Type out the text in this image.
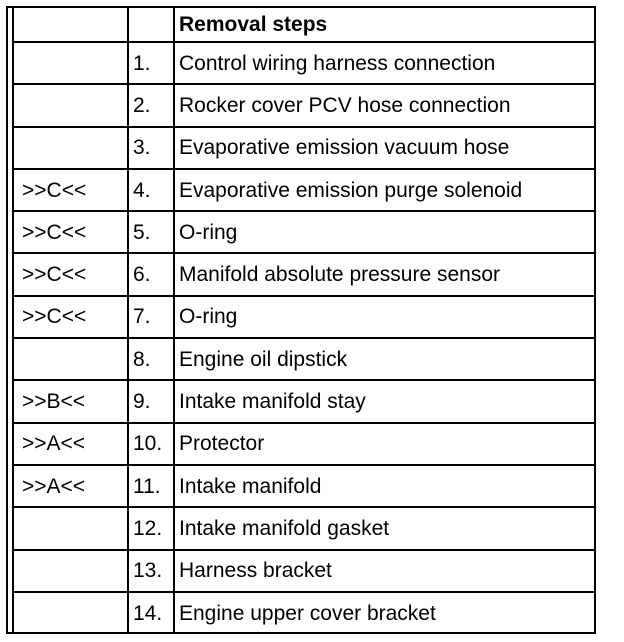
		Removal steps
	1.	Control wiring harness connection
	2.	Rocker cover PCV hose connection
	3.	Evaporative emission vacuum hose
>>C<<	4.	Evaporative emission purge solenoid
>>C<<	5.	O-ring
>>C<<	6.	Manifold absolute pressure sensor
>>C<<	7.	O-ring
	8.	Engine oil dipstick
>>B<<	9.	Intake manifold stay
>>A<<	10.	Protector
>>A<<	11.	Intake manifold
	12.	Intake manifold gasket
	13.	Harness bracket
	14.	Engine upper cover bracket
